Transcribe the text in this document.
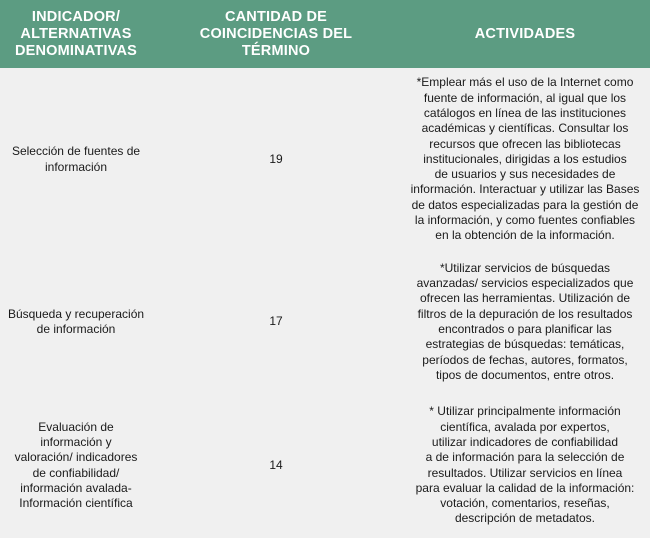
INDICADOR/
ALTERNATIVAS
DENOMINATIVAS
CANTIDAD DE
COINCIDENCIAS DEL
TÉRMINO
ACTIVIDADES
Selección de fuentes de
información
19
*Emplear más el uso de la Internet como
fuente de información, al igual que los
catálogos en línea de las instituciones
académicas y científicas. Consultar los
recursos que ofrecen las bibliotecas
institucionales, dirigidas a los estudios
de usuarios y sus necesidades de
información. Interactuar y utilizar las Bases
de datos especializadas para la gestión de
la información, y como fuentes confiables
en la obtención de la información.
Búsqueda y recuperación
de información
17
*Utilizar servicios de búsquedas
avanzadas/ servicios especializados que
ofrecen las herramientas. Utilización de
filtros de la depuración de los resultados
encontrados o para planificar las
estrategias de búsquedas: temáticas,
períodos de fechas, autores, formatos,
tipos de documentos, entre otros.
Evaluación de
información y
valoración/ indicadores
de confiabilidad/
información avalada-
Información científica
14
* Utilizar principalmente información
científica, avalada por expertos,
utilizar indicadores de confiabilidad
a de información para la selección de
resultados. Utilizar servicios en línea
para evaluar la calidad de la información:
votación, comentarios, reseñas,
descripción de metadatos.
